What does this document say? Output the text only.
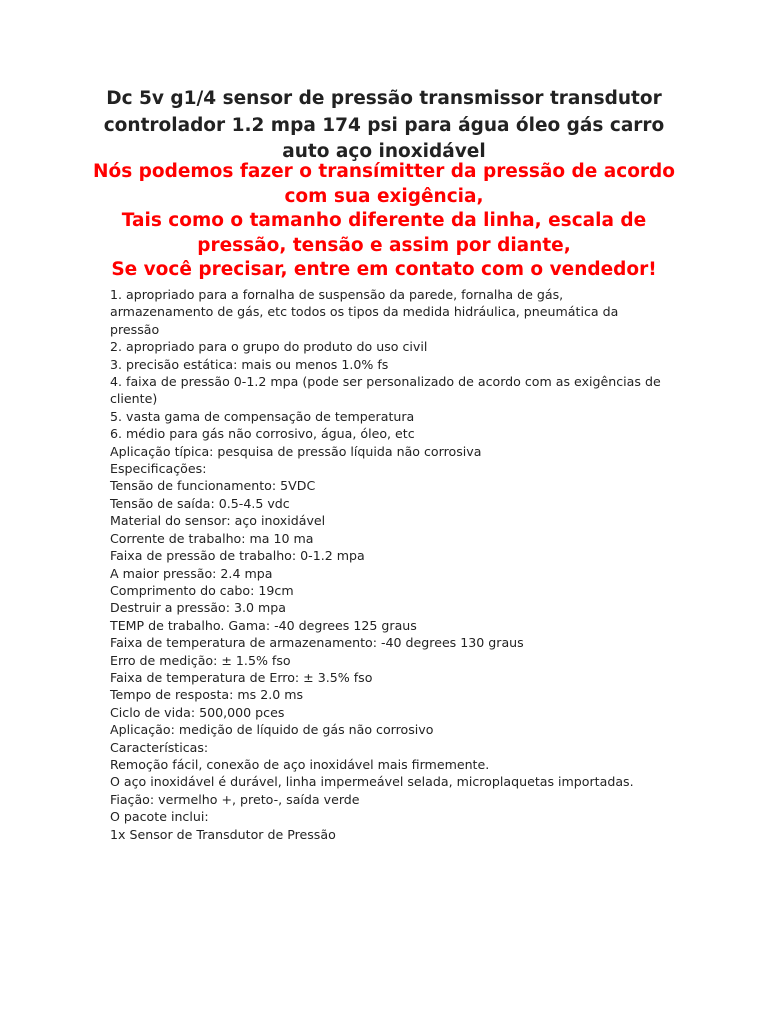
Dc 5v g1/4 sensor de pressão transmissor transdutor
controlador 1.2 mpa 174 psi para água óleo gás carro
auto aço inoxidável
Nós podemos fazer o transímitter da pressão de acordo
com sua exigência,
Tais como o tamanho diferente da linha, escala de
pressão, tensão e assim por diante,
Se você precisar, entre em contato com o vendedor!
1. apropriado para a fornalha de suspensão da parede, fornalha de gás,
armazenamento de gás, etc todos os tipos da medida hidráulica, pneumática da
pressão
2. apropriado para o grupo do produto do uso civil
3. precisão estática: mais ou menos 1.0% fs
4. faixa de pressão 0-1.2 mpa (pode ser personalizado de acordo com as exigências de
cliente)
5. vasta gama de compensação de temperatura
6. médio para gás não corrosivo, água, óleo, etc
Aplicação típica: pesquisa de pressão líquida não corrosiva
Especificações:
Tensão de funcionamento: 5VDC
Tensão de saída: 0.5-4.5 vdc
Material do sensor: aço inoxidável
Corrente de trabalho: ma 10 ma
Faixa de pressão de trabalho: 0-1.2 mpa
A maior pressão: 2.4 mpa
Comprimento do cabo: 19cm
Destruir a pressão: 3.0 mpa
TEMP de trabalho. Gama: -40 degrees 125 graus
Faixa de temperatura de armazenamento: -40 degrees 130 graus
Erro de medição: ± 1.5% fso
Faixa de temperatura de Erro: ± 3.5% fso
Tempo de resposta: ms 2.0 ms
Ciclo de vida: 500,000 pces
Aplicação: medição de líquido de gás não corrosivo
Características:
Remoção fácil, conexão de aço inoxidável mais firmemente.
O aço inoxidável é durável, linha impermeável selada, microplaquetas importadas.
Fiação: vermelho +, preto-, saída verde
O pacote inclui:
1x Sensor de Transdutor de Pressão
